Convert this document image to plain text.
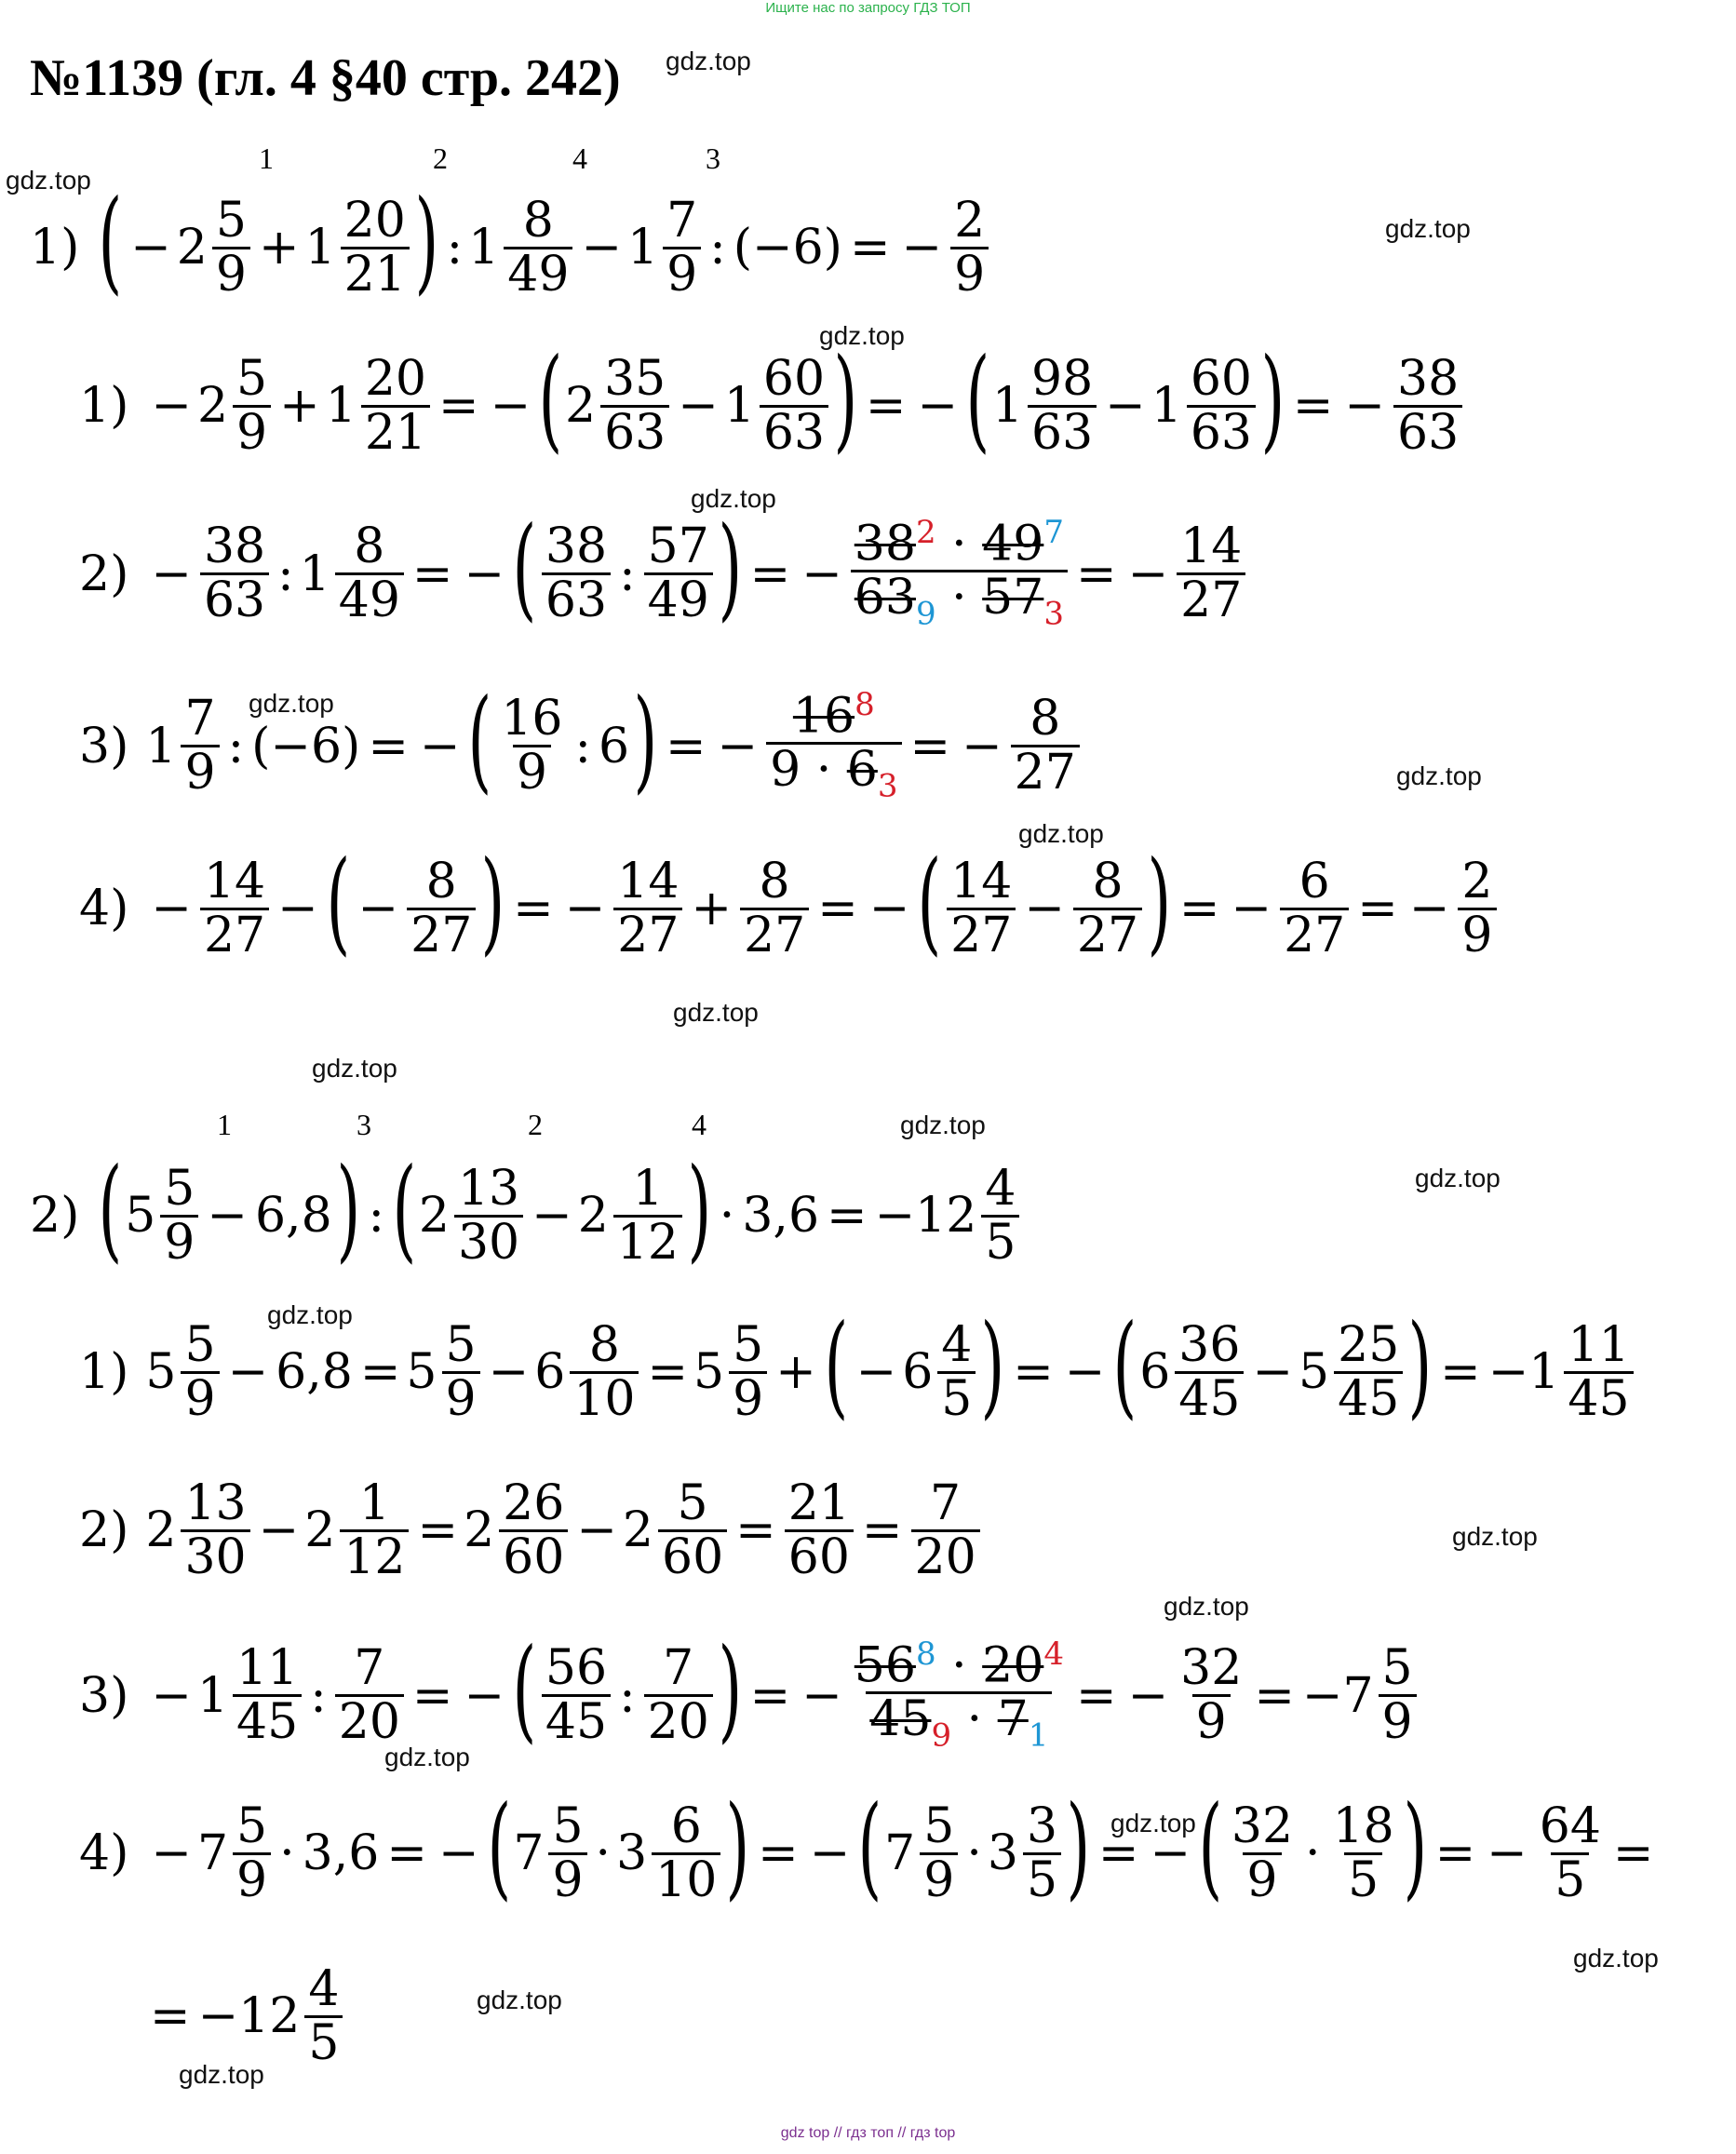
Ищите нас по запросу ГДЗ ТОП
№1139 (гл. 4 §40 стр. 242) gdz.top
gdz.top
gdz.top
gdz.top
gdz.top
gdz.top
gdz.top
gdz.top
gdz.top
gdz.top
gdz.top
gdz.top
gdz.top
gdz.top
gdz.top
gdz.top
gdz.top
gdz.top
gdz.top
gdz.top
1	2	4	3
1) ( − 2 5
9 + 1 20
21 ) : 1 8
49 − 1 7
9 : (−6) = − $\frac{2}{9}$
1) − 2 5
9 + 1 20
21 = − ( 2 35
63 − 1 60
63 ) = − ( 1 98
63 − 1 60
63 ) = − $\frac{38}{63}$
$2) - \frac{38}{63}$ : 1 8
49 = − ( 38
63 : 57
49 ) = − $\frac{38^2 \cdot 49^7}{63_9 \cdot 57_3}$ = − $\frac{14}{27}$
3) 1 7
9 : (−6) = − ( 16
9 : 6 ) = − $\frac{16^8}{9 \cdot 6_3}$ = − $\frac{8}{27}$
$4) - \frac{14}{27}$ − ( − $\frac{8}{27}$ ) = − $\frac{14}{27} + \frac{8}{27}$ = − ( 14
$27 - \frac{8}{27}$ ) = − $\frac{6}{27}$ = − $\frac{2}{9}$
1	3	2	4
2) ( 5 5
9 − 6,8 ) : ( 2 13
30 − 2 1
12 ) · 3,6 = −12 4
5
1) 5 5
9 − 6,8 = 5 5
9 − 6 8
10 = 5 5
9 + ( − 6 4
5 ) = − ( 6 36
45 − 5 25
45 ) = −1 11
45
2) 2 13
30 − 2 1
12 = 2 26
60 − 2 5
$60 = \frac{21}{60} = \frac{7}{20}$
3) − 1 11
45 : $\frac{7}{20}$ = − ( 56
45 : 7
20 ) = − $\frac{56^8 \cdot 20^4}{45_9 \cdot 7_1}$ = − $\frac{32}{9} = -7$ 5
9
4) − 7 5
9 · 3,6 = − ( 7 5
9 · 3 6
10 ) = − ( 7 5
9 · 3 3
5 ) = − ( 32
9 · 18
5 ) = − $\frac{64}{5}$ =
= −12 4
5
gdz top // гдз топ // гдз top
